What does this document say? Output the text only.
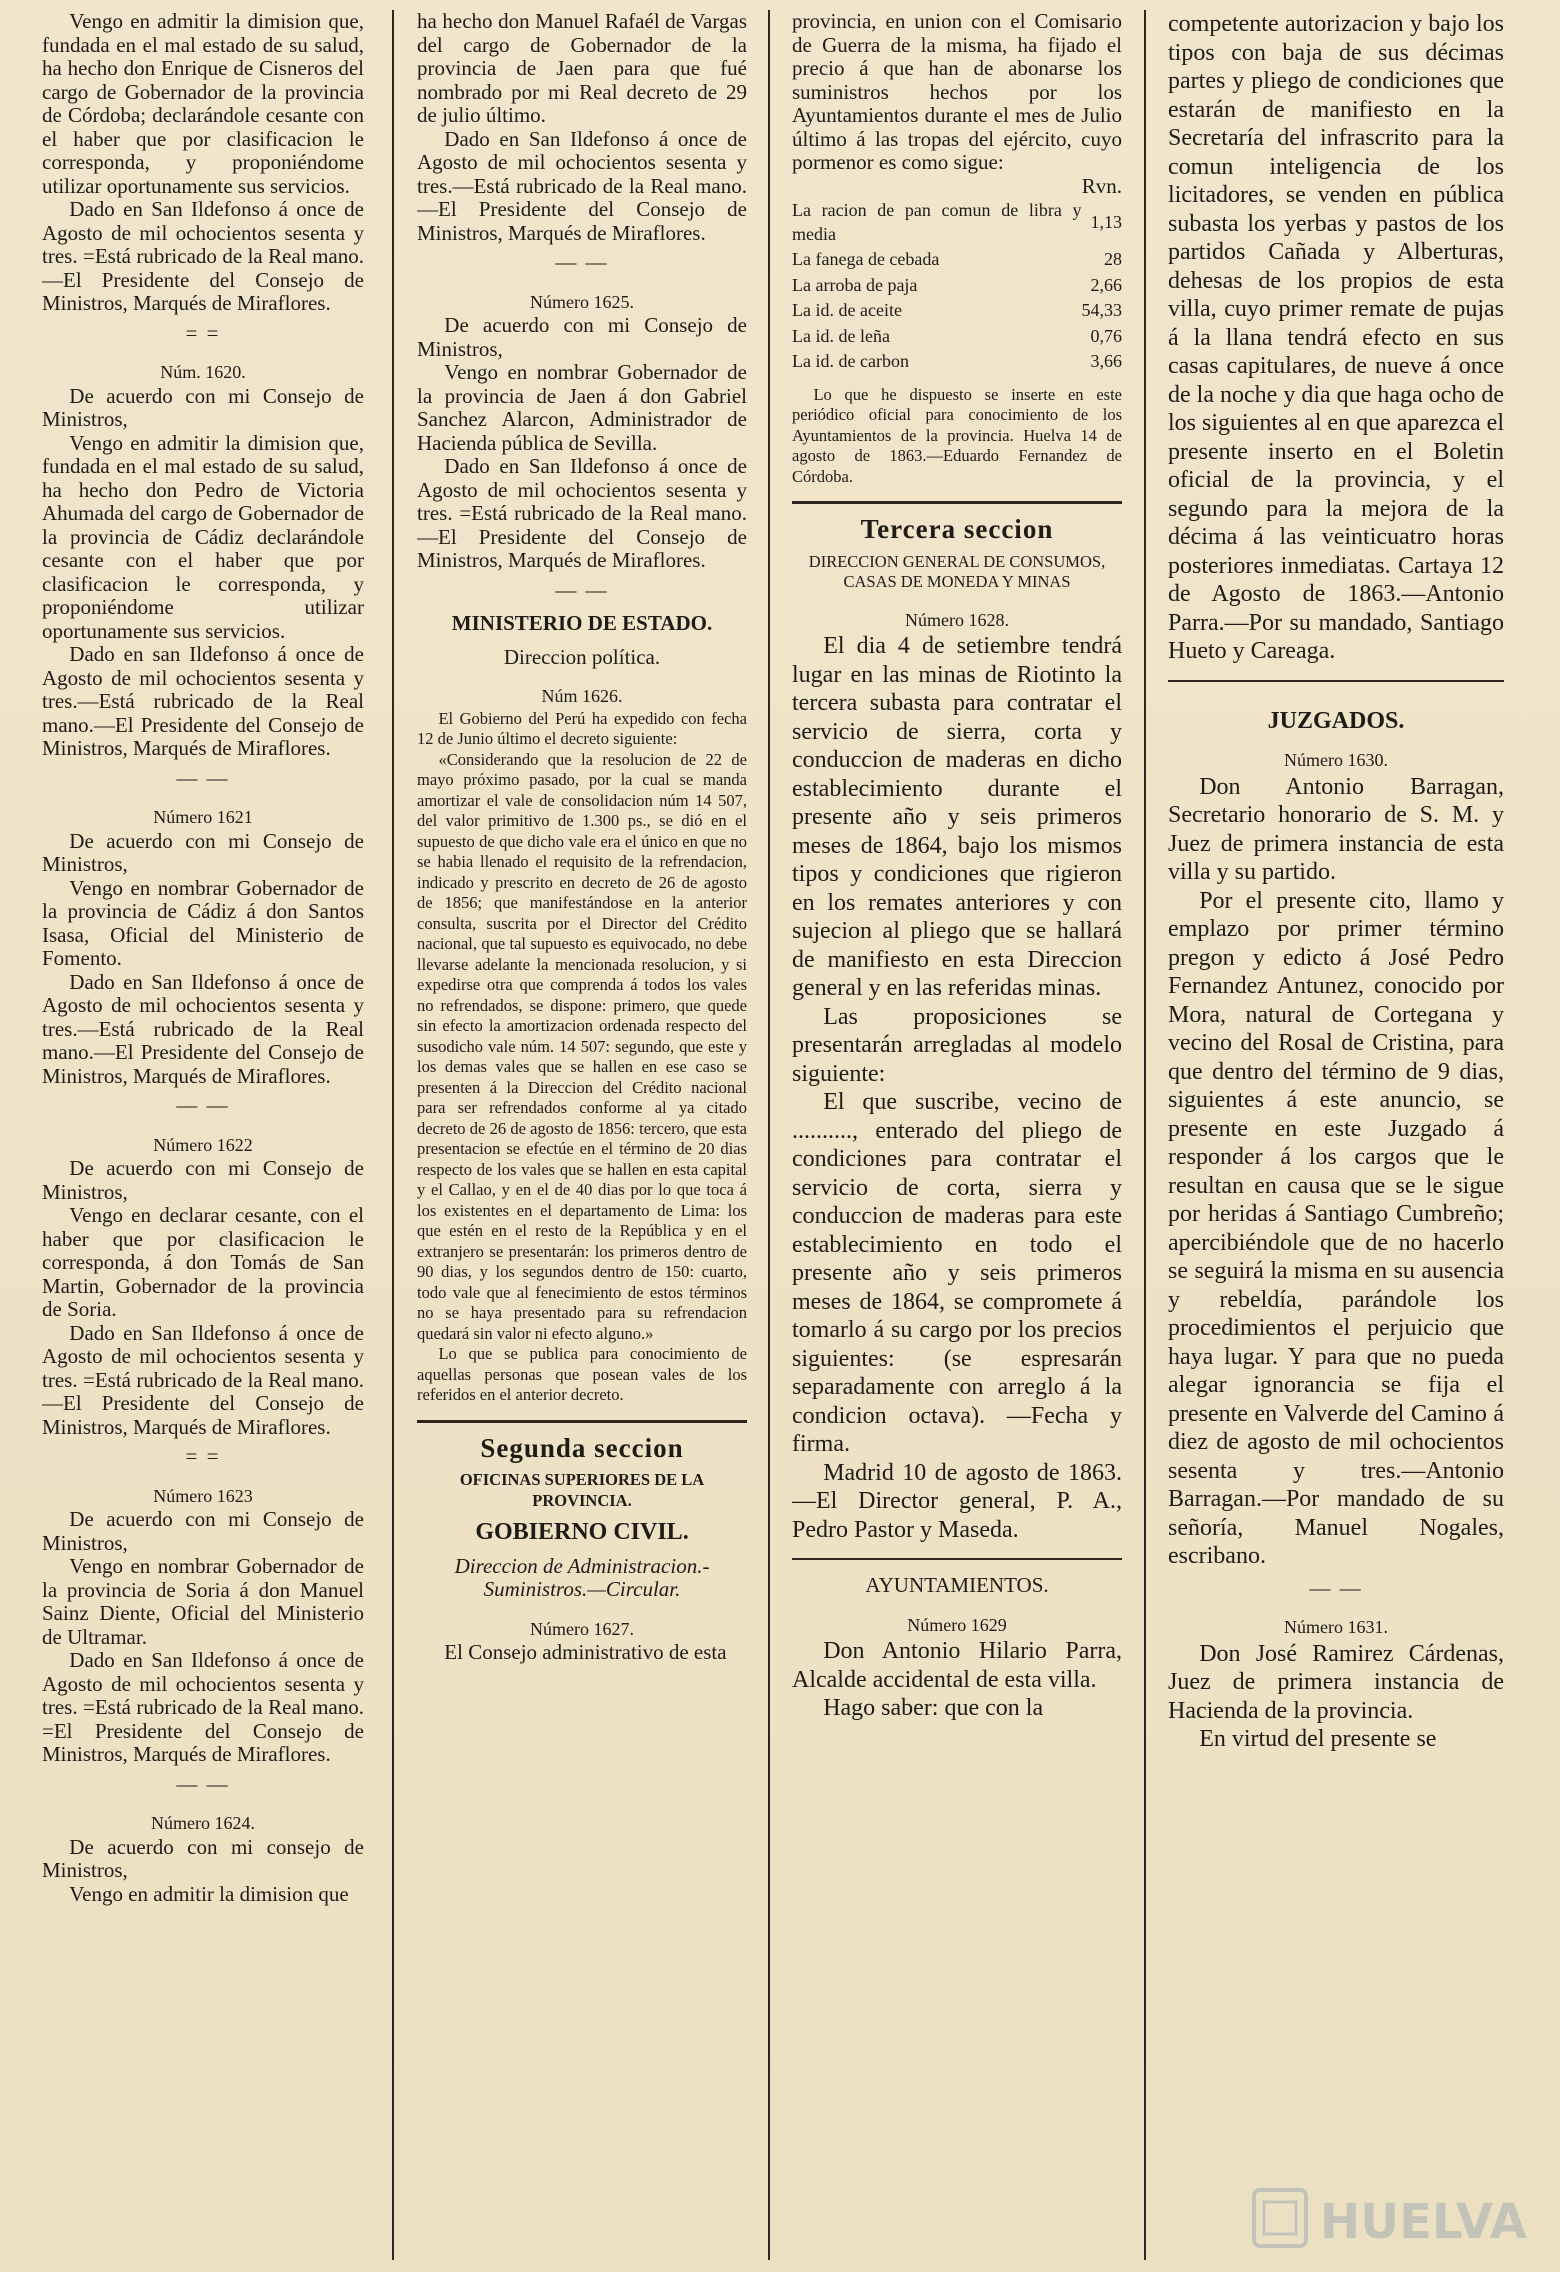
Vengo en admitir la dimision que, fundada en el mal estado de su salud, ha hecho don Enrique de Cisneros del cargo de Gobernador de la provincia de Córdoba; declarándole cesante con el haber que por clasificacion le corresponda, y proponiéndome utilizar oportunamente sus servicios.

Dado en San Ildefonso á once de Agosto de mil ochocientos sesenta y tres. =Está rubricado de la Real mano.—El Presidente del Consejo de Ministros, Marqués de Miraflores.

= =
Núm. 1620.

De acuerdo con mi Consejo de Ministros,

Vengo en admitir la dimision que, fundada en el mal estado de su salud, ha hecho don Pedro de Victoria Ahumada del cargo de Gobernador de la provincia de Cádiz declarándole cesante con el haber que por clasificacion le corresponda, y proponiéndome utilizar oportunamente sus servicios.

Dado en san Ildefonso á once de Agosto de mil ochocientos sesenta y tres.—Está rubricado de la Real mano.—El Presidente del Consejo de Ministros, Marqués de Miraflores.

— —
Número 1621

De acuerdo con mi Consejo de Ministros,

Vengo en nombrar Gobernador de la provincia de Cádiz á don Santos Isasa, Oficial del Ministerio de Fomento.

Dado en San Ildefonso á once de Agosto de mil ochocientos sesenta y tres.—Está rubricado de la Real mano.—El Presidente del Consejo de Ministros, Marqués de Miraflores.

— —
Número 1622

De acuerdo con mi Consejo de Ministros,

Vengo en declarar cesante, con el haber que por clasificacion le corresponda, á don Tomás de San Martin, Gobernador de la provincia de Soria.

Dado en San Ildefonso á once de Agosto de mil ochocientos sesenta y tres. =Está rubricado de la Real mano.—El Presidente del Consejo de Ministros, Marqués de Miraflores.

= =
Número 1623

De acuerdo con mi Consejo de Ministros,

Vengo en nombrar Gobernador de la provincia de Soria á don Manuel Sainz Diente, Oficial del Ministerio de Ultramar.

Dado en San Ildefonso á once de Agosto de mil ochocientos sesenta y tres. =Está rubricado de la Real mano. =El Presidente del Consejo de Ministros, Marqués de Miraflores.

— —
Número 1624.

De acuerdo con mi consejo de Ministros,

Vengo en admitir la dimision que

ha hecho don Manuel Rafaél de Vargas del cargo de Gobernador de la provincia de Jaen para que fué nombrado por mi Real decreto de 29 de julio último.

Dado en San Ildefonso á once de Agosto de mil ochocientos sesenta y tres.—Está rubricado de la Real mano.—El Presidente del Consejo de Ministros, Marqués de Miraflores.

— —
Número 1625.

De acuerdo con mi Consejo de Ministros,

Vengo en nombrar Gobernador de la provincia de Jaen á don Gabriel Sanchez Alarcon, Administrador de Hacienda pública de Sevilla.

Dado en San Ildefonso á once de Agosto de mil ochocientos sesenta y tres. =Está rubricado de la Real mano.—El Presidente del Consejo de Ministros, Marqués de Miraflores.

— —
MINISTERIO DE ESTADO.
Direccion política.
Núm 1626.

El Gobierno del Perú ha expedido con fecha 12 de Junio último el decreto siguiente:

«Considerando que la resolucion de 22 de mayo próximo pasado, por la cual se manda amortizar el vale de consolidacion núm 14 507, del valor primitivo de 1.300 ps., se dió en el supuesto de que dicho vale era el único en que no se habia llenado el requisito de la refrendacion, indicado y prescrito en decreto de 26 de agosto de 1856; que manifestándose en la anterior consulta, suscrita por el Director del Crédito nacional, que tal supuesto es equivocado, no debe llevarse adelante la mencionada resolucion, y si expedirse otra que comprenda á todos los vales no refrendados, se dispone: primero, que quede sin efecto la amortizacion ordenada respecto del susodicho vale núm. 14 507: segundo, que este y los demas vales que se hallen en ese caso se presenten á la Direccion del Crédito nacional para ser refrendados conforme al ya citado decreto de 26 de agosto de 1856: tercero, que esta presentacion se efectúe en el término de 20 dias respecto de los vales que se hallen en esta capital y el Callao, y en el de 40 dias por lo que toca á los existentes en el departamento de Lima: los que estén en el resto de la República y en el extranjero se presentarán: los primeros dentro de 90 dias, y los segundos dentro de 150: cuarto, todo vale que al fenecimiento de estos términos no se haya presentado para su refrendacion quedará sin valor ni efecto alguno.»

Lo que se publica para conocimiento de aquellas personas que posean vales de los referidos en el anterior decreto.

Segunda seccion
OFICINAS SUPERIORES DE LA PROVINCIA.
GOBIERNO CIVIL.
Direccion de Administracion.-Suministros.—Circular.
Número 1627.

El Consejo administrativo de esta

provincia, en union con el Comisario de Guerra de la misma, ha fijado el precio á que han de abonarse los suministros hechos por los Ayuntamientos durante el mes de Julio último á las tropas del ejército, cuyo pormenor es como sigue:

Rvn.
La racion de pan comun de libra y media	1,13
La fanega de cebada	28
La arroba de paja	2,66
La id. de aceite	54,33
La id. de leña	0,76
La id. de carbon	3,66

Lo que he dispuesto se inserte en este periódico oficial para conocimiento de los Ayuntamientos de la provincia. Huelva 14 de agosto de 1863.—Eduardo Fernandez de Córdoba.

Tercera seccion
DIRECCION GENERAL DE CONSUMOS, CASAS DE MONEDA Y MINAS
Número 1628.

El dia 4 de setiembre tendrá lugar en las minas de Riotinto la tercera subasta para contratar el servicio de sierra, corta y conduccion de maderas en dicho establecimiento durante el presente año y seis primeros meses de 1864, bajo los mismos tipos y condiciones que rigieron en los remates anteriores y con sujecion al pliego que se hallará de manifiesto en esta Direccion general y en las referidas minas.

Las proposiciones se presentarán arregladas al modelo siguiente:

El que suscribe, vecino de .........., enterado del pliego de condiciones para contratar el servicio de corta, sierra y conduccion de maderas para este establecimiento en todo el presente año y seis primeros meses de 1864, se compromete á tomarlo á su cargo por los precios siguientes: (se espresarán separadamente con arreglo á la condicion octava). —Fecha y firma.

Madrid 10 de agosto de 1863.—El Director general, P. A., Pedro Pastor y Maseda.

AYUNTAMIENTOS.
Número 1629

Don Antonio Hilario Parra, Alcalde accidental de esta villa.

Hago saber: que con la

competente autorizacion y bajo los tipos con baja de sus décimas partes y pliego de condiciones que estarán de manifiesto en la Secretaría del infrascrito para la comun inteligencia de los licitadores, se venden en pública subasta los yerbas y pastos de los partidos Cañada y Alberturas, dehesas de los propios de esta villa, cuyo primer remate de pujas á la llana tendrá efecto en sus casas capitulares, de nueve á once de la noche y dia que haga ocho de los siguientes al en que aparezca el presente inserto en el Boletin oficial de la provincia, y el segundo para la mejora de la décima á las veinticuatro horas posteriores inmediatas. Cartaya 12 de Agosto de 1863.—Antonio Parra.—Por su mandado, Santiago Hueto y Careaga.

JUZGADOS.
Número 1630.

Don Antonio Barragan, Secretario honorario de S. M. y Juez de primera instancia de esta villa y su partido.

Por el presente cito, llamo y emplazo por primer término pregon y edicto á José Pedro Fernandez Antunez, conocido por Mora, natural de Cortegana y vecino del Rosal de Cristina, para que dentro del término de 9 dias, siguientes á este anuncio, se presente en este Juzgado á responder á los cargos que le resultan en causa que se le sigue por heridas á Santiago Cumbreño; apercibiéndole que de no hacerlo se seguirá la misma en su ausencia y rebeldía, parándole los procedimientos el perjuicio que haya lugar. Y para que no pueda alegar ignorancia se fija el presente en Valverde del Camino á diez de agosto de mil ochocientos sesenta y tres.—Antonio Barragan.—Por mandado de su señoría, Manuel Nogales, escribano.

— —
Número 1631.

Don José Ramirez Cárdenas, Juez de primera instancia de Hacienda de la provincia.

En virtud del presente se

HUELVA
